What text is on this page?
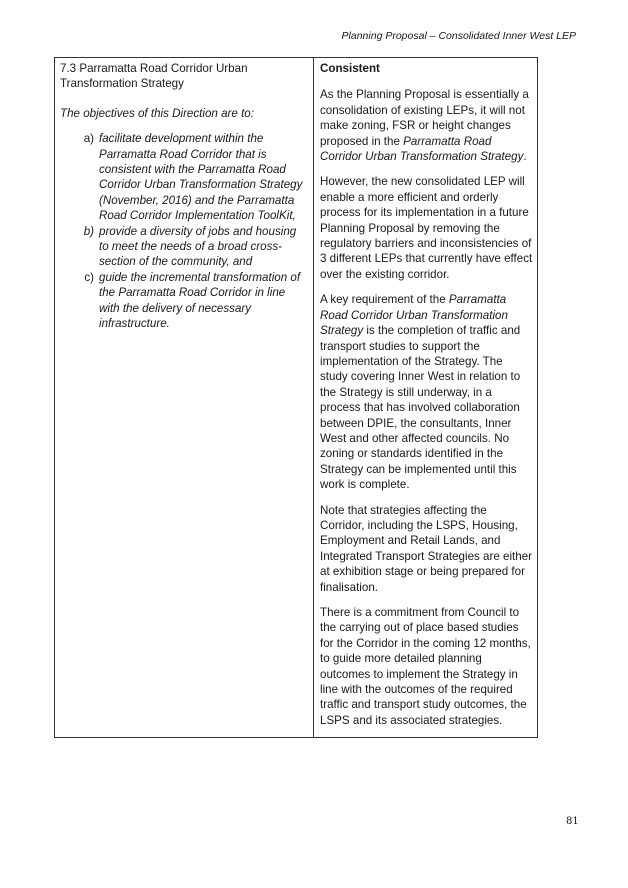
Planning Proposal – Consolidated Inner West LEP

7.3 Parramatta Road Corridor Urban Transformation Strategy

The objectives of this Direction are to:

a) facilitate development within the Parramatta Road Corridor that is consistent with the Parramatta Road Corridor Urban Transformation Strategy (November, 2016) and the Parramatta Road Corridor Implementation ToolKit,
b) provide a diversity of jobs and housing to meet the needs of a broad cross-section of the community, and
c) guide the incremental transformation of the Parramatta Road Corridor in line with the delivery of necessary infrastructure.

Consistent

As the Planning Proposal is essentially a consolidation of existing LEPs, it will not make zoning, FSR or height changes proposed in the Parramatta Road Corridor Urban Transformation Strategy.

However, the new consolidated LEP will enable a more efficient and orderly process for its implementation in a future Planning Proposal by removing the regulatory barriers and inconsistencies of 3 different LEPs that currently have effect over the existing corridor.

A key requirement of the Parramatta Road Corridor Urban Transformation Strategy is the completion of traffic and transport studies to support the implementation of the Strategy. The study covering Inner West in relation to the Strategy is still underway, in a process that has involved collaboration between DPIE, the consultants, Inner West and other affected councils. No zoning or standards identified in the Strategy can be implemented until this work is complete.

Note that strategies affecting the Corridor, including the LSPS, Housing, Employment and Retail Lands, and Integrated Transport Strategies are either at exhibition stage or being prepared for finalisation.

There is a commitment from Council to the carrying out of place based studies for the Corridor in the coming 12 months, to guide more detailed planning outcomes to implement the Strategy in line with the outcomes of the required traffic and transport study outcomes, the LSPS and its associated strategies.

81
